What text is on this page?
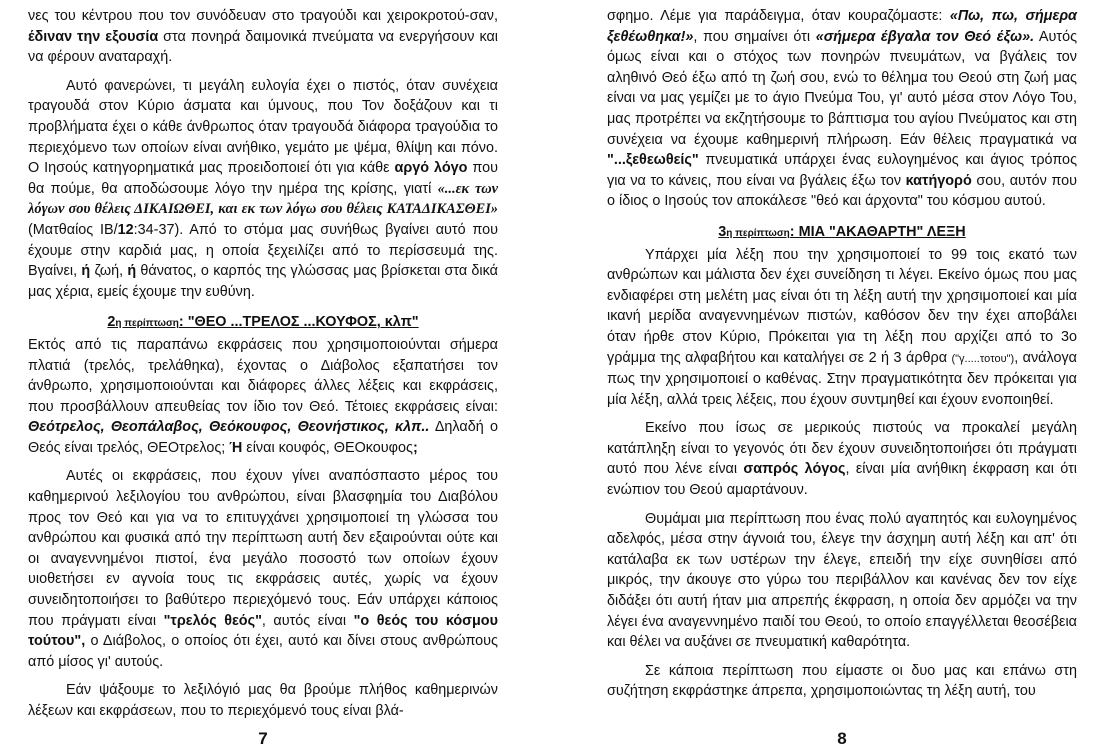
νες του κέντρου που τον συνόδευαν στο τραγούδι και χειροκροτού-σαν, έδιναν την εξουσία στα πονηρά δαιμονικά πνεύματα να ενεργήσουν και να φέρουν αναταραχή.

Αυτό φανερώνει, τι μεγάλη ευλογία έχει ο πιστός, όταν συνέχεια τραγουδά στον Κύριο άσματα και ύμνους, που Τον δοξάζουν και τι προβλήματα έχει ο κάθε άνθρωπος όταν τραγουδά διάφορα τραγούδια το περιεχόμενο των οποίων είναι ανήθικο, γεμάτο με ψέμα, θλίψη και πόνο. Ο Ιησούς κατηγορηματικά μας προειδοποιεί ότι για κάθε αργό λόγο που θα πούμε, θα αποδώσουμε λόγο την ημέρα της κρίσης, γιατί «...εκ των λόγων σου θέλεις ΔΙΚΑΙΩΘΕΙ, και εκ των λόγω σου θέλεις ΚΑΤΑΔΙΚΑΣΘΕΙ» (Ματθαίος ΙΒ/12:34-37). Από το στόμα μας συνήθως βγαίνει αυτό που έχουμε στην καρδιά μας, η οποία ξεχειλίζει από το περίσσευμά της. Βγαίνει, ή ζωή, ή θάνατος, ο καρπός της γλώσσας μας βρίσκεται στα δικά μας χέρια, εμείς έχουμε την ευθύνη.

2η περίπτωση: "ΘΕΟ ...ΤΡΕΛΟΣ ...ΚΟΥΦΟΣ, κλπ"

Εκτός από τις παραπάνω εκφράσεις που χρησιμοποιούνται σήμερα πλατιά (τρελός, τρελάθηκα), έχοντας ο Διάβολος εξαπατήσει τον άνθρωπο, χρησιμοποιούνται και διάφορες άλλες λέξεις και εκφράσεις, που προσβάλλουν απευθείας τον ίδιο τον Θεό. Τέτοιες εκφράσεις είναι: Θεότρελος, Θεοπάλαβος, Θεόκουφος, Θεονήστικος, κλπ.. Δηλαδή ο Θεός είναι τρελός, ΘΕΟτρελος; Ή είναι κουφός, ΘΕΟκουφος;

Αυτές οι εκφράσεις, που έχουν γίνει αναπόσπαστο μέρος του καθημερινού λεξιλογίου του ανθρώπου, είναι βλασφημία του Διαβόλου προς τον Θεό και για να το επιτυγχάνει χρησιμοποιεί τη γλώσσα του ανθρώπου και φυσικά από την περίπτωση αυτή δεν εξαιρούνται ούτε και οι αναγεννημένοι πιστοί, ένα μεγάλο ποσοστό των οποίων έχουν υιοθετήσει εν αγνοία τους τις εκφράσεις αυτές, χωρίς να έχουν συνειδητοποιήσει το βαθύτερο περιεχόμενό τους. Εάν υπάρχει κάποιος που πράγματι είναι "τρελός θεός", αυτός είναι "ο θεός του κόσμου τούτου", ο Διάβολος, ο οποίος ότι έχει, αυτό και δίνει στους ανθρώπους από μίσος γι' αυτούς.

Εάν ψάξουμε το λεξιλόγιό μας θα βρούμε πλήθος καθημερινών λέξεων και εκφράσεων, που το περιεχόμενό τους είναι βλά-

7

σφημο. Λέμε για παράδειγμα, όταν κουραζόμαστε: «Πω, πω, σήμερα ξεθέωθηκα!», που σημαίνει ότι «σήμερα έβγαλα τον Θεό έξω». Αυτός όμως είναι και ο στόχος των πονηρών πνευμάτων, να βγάλεις τον αληθινό Θεό έξω από τη ζωή σου, ενώ το θέλημα του Θεού στη ζωή μας είναι να μας γεμίζει με το άγιο Πνεύμα Του, γι' αυτό μέσα στον Λόγο Του, μας προτρέπει να εκζητήσουμε το βάπτισμα του αγίου Πνεύματος και στη συνέχεια να έχουμε καθημερινή πλήρωση. Εάν θέλεις πραγματικά να "...ξεθεωθείς" πνευματικά υπάρχει ένας ευλογημένος και άγιος τρόπος για να το κάνεις, που είναι να βγάλεις έξω τον κατήγορό σου, αυτόν που ο ίδιος ο Ιησούς τον αποκάλεσε "θεό και άρχοντα" του κόσμου αυτού.

3η περίπτωση: ΜΙΑ "ΑΚΑΘΑΡΤΗ" ΛΕΞΗ

Υπάρχει μία λέξη που την χρησιμοποιεί το 99 τοις εκατό των ανθρώπων και μάλιστα δεν έχει συνείδηση τι λέγει. Εκείνο όμως που μας ενδιαφέρει στη μελέτη μας είναι ότι τη λέξη αυτή την χρησιμοποιεί και μία ικανή μερίδα αναγεννημένων πιστών, καθόσον δεν την έχει αποβάλει όταν ήρθε στον Κύριο, Πρόκειται για τη λέξη που αρχίζει από το 3ο γράμμα της αλφαβήτου και καταλήγει σε 2 ή 3 άρθρα ("γ.....τoτου"), ανάλογα πως την χρησιμοποιεί ο καθένας. Στην πραγματικότητα δεν πρόκειται για μία λέξη, αλλά τρεις λέξεις, που έχουν συντμηθεί και έχουν ενοποιηθεί.

Εκείνο που ίσως σε μερικούς πιστούς να προκαλεί μεγάλη κατάπληξη είναι το γεγονός ότι δεν έχουν συνειδητοποιήσει ότι πράγματι αυτό που λένε είναι σαπρός λόγος, είναι μία ανήθικη έκφραση και ότι ενώπιον του Θεού αμαρτάνουν.

Θυμάμαι μια περίπτωση που ένας πολύ αγαπητός και ευλογημένος αδελφός, μέσα στην άγνοιά του, έλεγε την άσχημη αυτή λέξη και απ' ότι κατάλαβα εκ των υστέρων την έλεγε, επειδή την είχε συνηθίσει από μικρός, την άκουγε στο γύρω του περιβάλλον και κανένας δεν τον είχε διδάξει ότι αυτή ήταν μια απρεπής έκφραση, η οποία δεν αρμόζει να την λέγει ένα αναγεννημένο παιδί του Θεού, το οποίο επαγγέλλεται θεοσέβεια και θέλει να αυξάνει σε πνευματική καθαρότητα.

Σε κάποια περίπτωση που είμαστε οι δυο μας και επάνω στη συζήτηση εκφράστηκε άπρεπα, χρησιμοποιώντας τη λέξη αυτή, του

8
